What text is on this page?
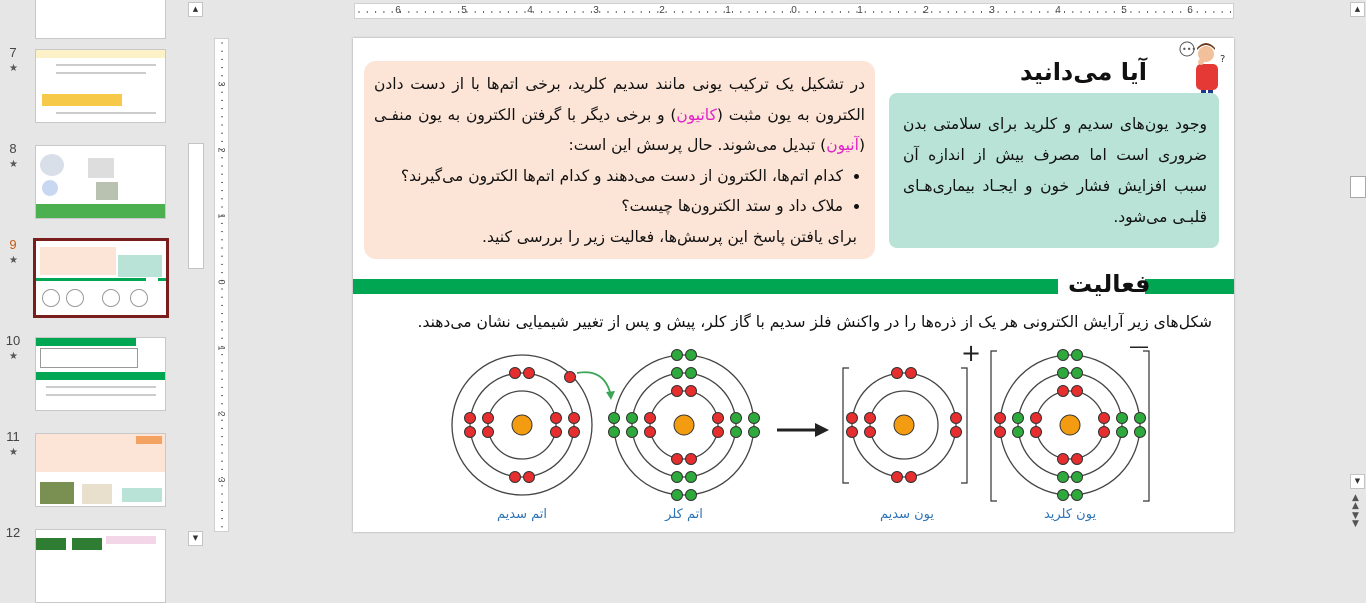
7
★
8
★
9
★
10
★
11
★
12
▲
▼
6	5	4	3	2	1	0	1	2	3	4	5	6
3
2
1
0
1
2
3
▲
▼
▲
▲
▼
▼
•••
?
آیا می‌دانید
وجود یون‌های سدیم و کلرید برای سلامتی بدن ضروری است اما مصرف بیش از اندازه آن سبب افزایش فشار خون و ایجـاد بیماری‌هـای قلبـی می‌شود.
در تشکیل یک ترکیب یونی مانند سدیم کلرید، برخی اتم‌ها با از دست دادن الکترون به یون مثبت (کاتیون) و برخی دیگر با گرفتن الکترون به یون منفـی (آنیون) تبدیل می‌شوند. حال پرسش این است:
• کدام اتم‌ها، الکترون از دست می‌دهند و کدام اتم‌ها الکترون می‌گیرند؟
• ملاک داد و ستد الکترون‌ها چیست؟
برای یافتن پاسخ این پرسش‌ها، فعالیت زیر را بررسی کنید.
فعالیت
شکل‌های زیر آرایش الکترونی هر یک از ذره‌ها را در واکنش فلز سدیم با گاز کلر، پیش و پس از تغییر شیمیایی نشان می‌دهند.
+	—
اتم سدیم	اتم کلر	یون سدیم	یون کلرید
